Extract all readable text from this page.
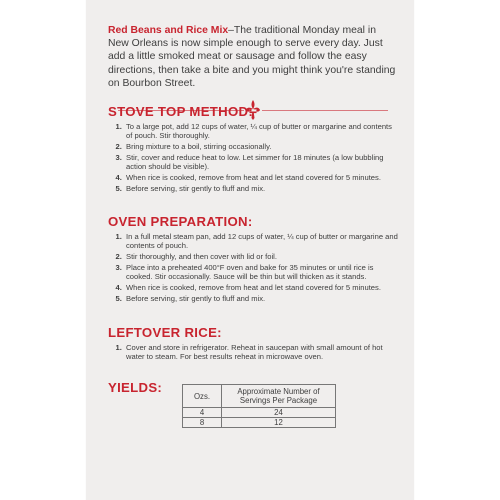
Red Beans and Rice Mix–The traditional Monday meal in New Orleans is now simple enough to serve every day. Just add a little smoked meat or sausage and follow the easy directions, then take a bite and you might think you're standing on Bourbon Street.

STOVE TOP METHOD:
1. To a large pot, add 12 cups of water, ¼ cup of butter or margarine and contents of pouch. Stir thoroughly.
2. Bring mixture to a boil, stirring occasionally.
3. Stir, cover and reduce heat to low. Let simmer for 18 minutes (a low bubbling action should be visible).
4. When rice is cooked, remove from heat and let stand covered for 5 minutes.
5. Before serving, stir gently to fluff and mix.
OVEN PREPARATION:
1. In a full metal steam pan, add 12 cups of water, ¼ cup of butter or margarine and contents of pouch.
2. Stir thoroughly, and then cover with lid or foil.
3. Place into a preheated 400°F oven and bake for 35 minutes or until rice is cooked. Stir occasionally. Sauce will be thin but will thicken as it stands.
4. When rice is cooked, remove from heat and let stand covered for 5 minutes.
5. Before serving, stir gently to fluff and mix.
LEFTOVER RICE:
1. Cover and store in refrigerator. Reheat in saucepan with small amount of hot water to steam. For best results reheat in microwave oven.
YIELDS:
Ozs.	Approximate Number of Servings Per Package
4	24
8	12
